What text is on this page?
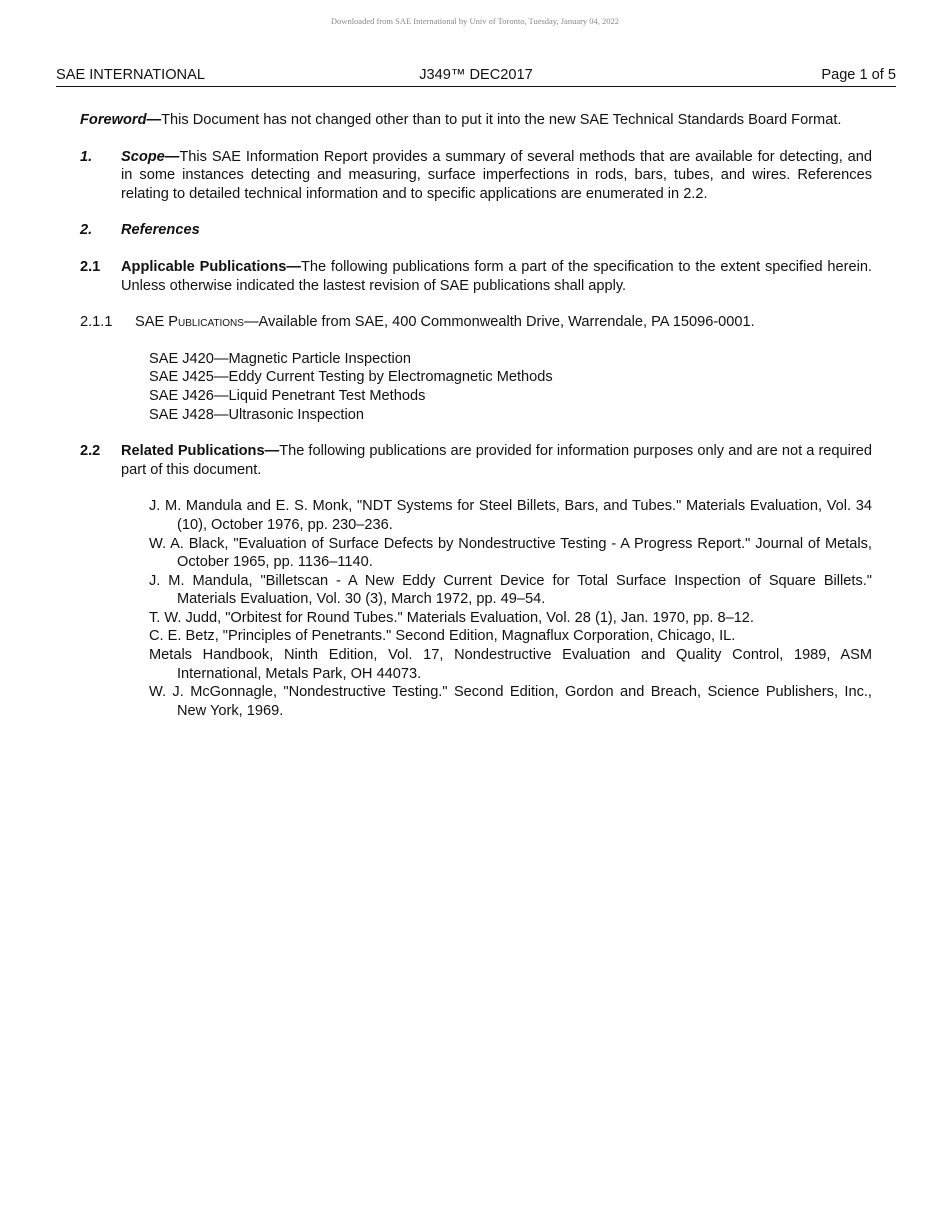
Downloaded from SAE International by Univ of Toronto, Tuesday, January 04, 2022
SAE INTERNATIONAL	J349™ DEC2017	Page 1 of 5

Foreword—This Document has not changed other than to put it into the new SAE Technical Standards Board Format.

1. Scope—This SAE Information Report provides a summary of several methods that are available for detecting, and in some instances detecting and measuring, surface imperfections in rods, bars, tubes, and wires. References relating to detailed technical information and to specific applications are enumerated in 2.2.
2. References
2.1 Applicable Publications—The following publications form a part of the specification to the extent specified herein. Unless otherwise indicated the lastest revision of SAE publications shall apply.
2.1.1 SAE Publications—Available from SAE, 400 Commonwealth Drive, Warrendale, PA 15096-0001.
SAE J420—Magnetic Particle Inspection
SAE J425—Eddy Current Testing by Electromagnetic Methods
SAE J426—Liquid Penetrant Test Methods
SAE J428—Ultrasonic Inspection
2.2 Related Publications—The following publications are provided for information purposes only and are not a required part of this document.
J. M. Mandula and E. S. Monk, "NDT Systems for Steel Billets, Bars, and Tubes." Materials Evaluation, Vol. 34 (10), October 1976, pp. 230–236.
W. A. Black, "Evaluation of Surface Defects by Nondestructive Testing - A Progress Report." Journal of Metals, October 1965, pp. 1136–1140.
J. M. Mandula, "Billetscan - A New Eddy Current Device for Total Surface Inspection of Square Billets." Materials Evaluation, Vol. 30 (3), March 1972, pp. 49–54.
T. W. Judd, "Orbitest for Round Tubes." Materials Evaluation, Vol. 28 (1), Jan. 1970, pp. 8–12.
C. E. Betz, "Principles of Penetrants." Second Edition, Magnaflux Corporation, Chicago, IL.
Metals Handbook, Ninth Edition, Vol. 17, Nondestructive Evaluation and Quality Control, 1989, ASM International, Metals Park, OH 44073.
W. J. McGonnagle, "Nondestructive Testing." Second Edition, Gordon and Breach, Science Publishers, Inc., New York, 1969.
